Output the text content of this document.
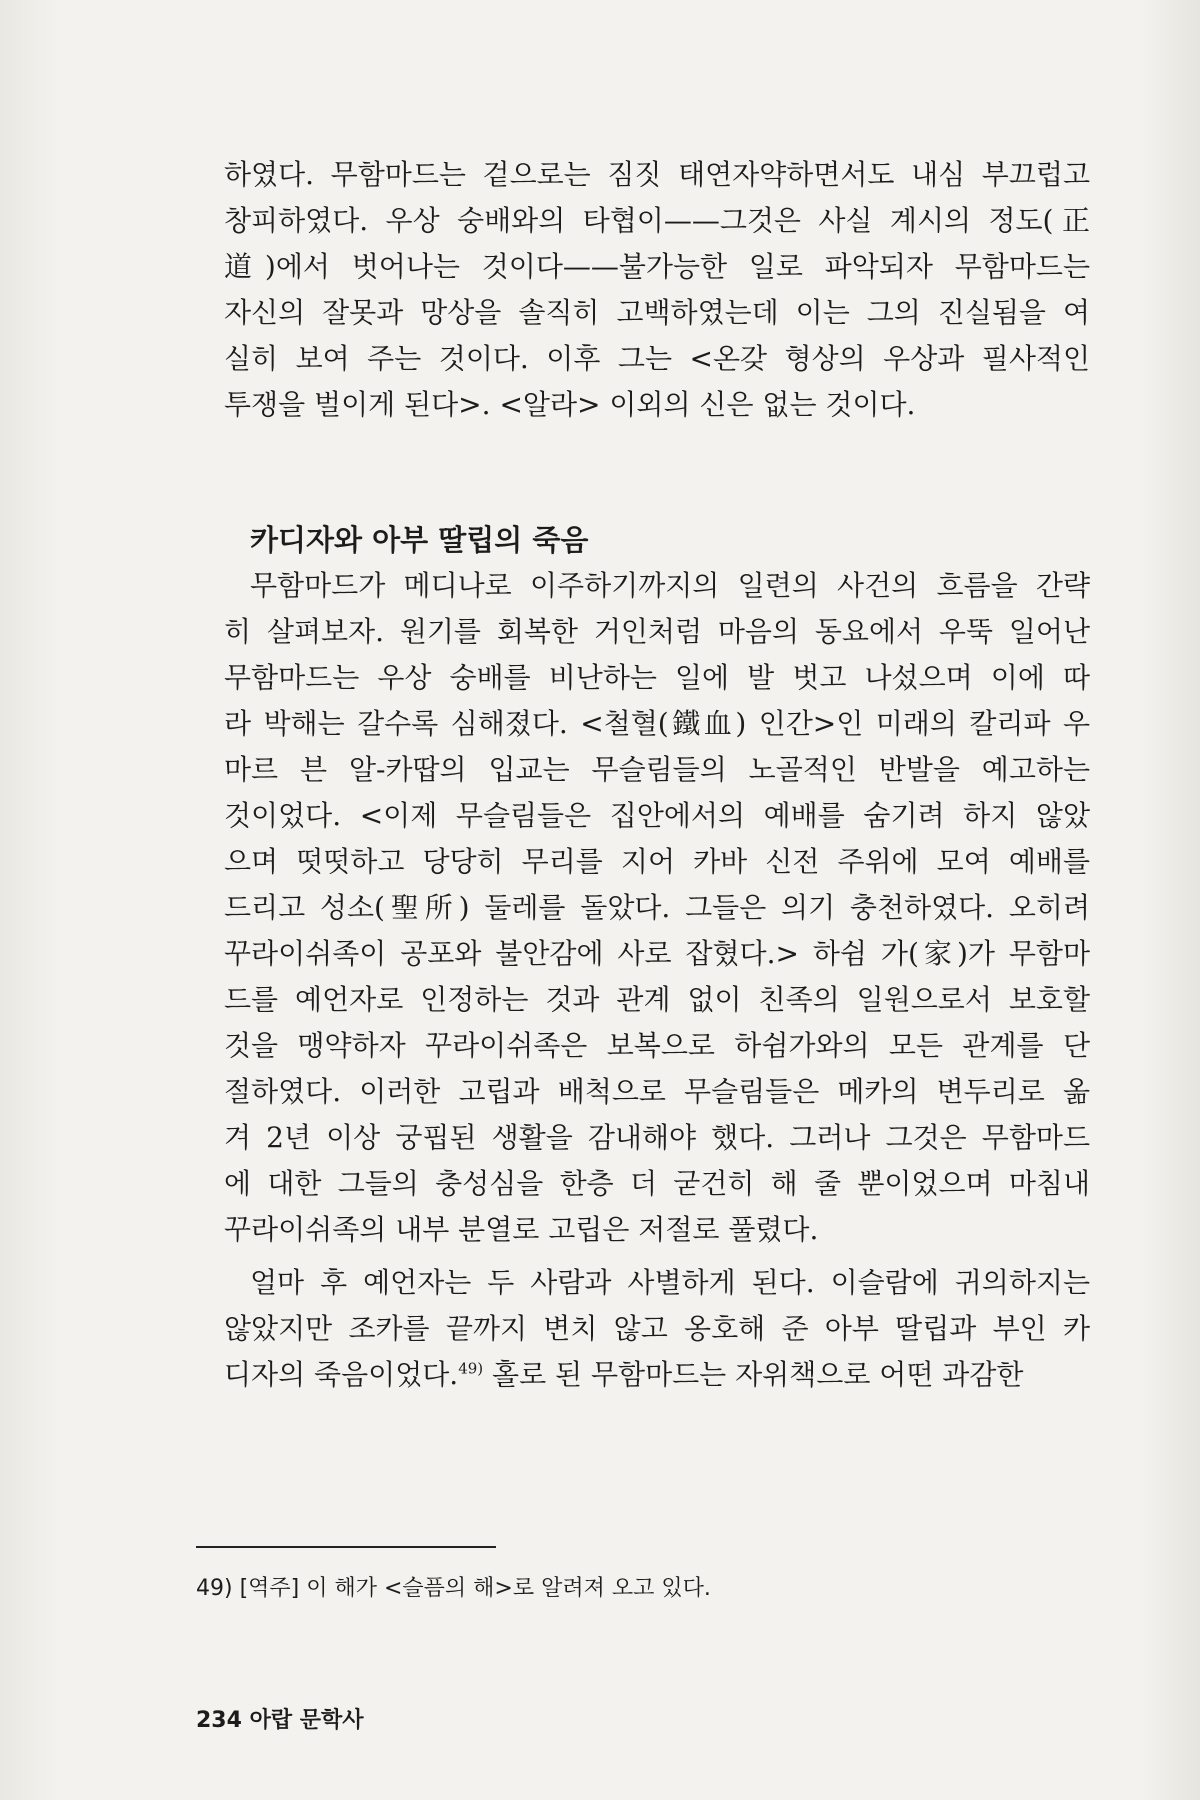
하였다. 무함마드는 겉으로는 짐짓 태연자약하면서도 내심 부끄럽고
창피하였다. 우상 숭배와의 타협이——그것은 사실 계시의 정도(正
道)에서 벗어나는 것이다——불가능한 일로 파악되자 무함마드는
자신의 잘못과 망상을 솔직히 고백하였는데 이는 그의 진실됨을 여
실히 보여 주는 것이다. 이후 그는 <온갖 형상의 우상과 필사적인
투쟁을 벌이게 된다>. <알라> 이외의 신은 없는 것이다.
카디자와 아부 딸립의 죽음
무함마드가 메디나로 이주하기까지의 일련의 사건의 흐름을 간략
히 살펴보자. 원기를 회복한 거인처럼 마음의 동요에서 우뚝 일어난
무함마드는 우상 숭배를 비난하는 일에 발 벗고 나섰으며 이에 따
라 박해는 갈수록 심해졌다. <철혈(鐵血) 인간>인 미래의 칼리파 우
마르 븐 알-카땁의 입교는 무슬림들의 노골적인 반발을 예고하는
것이었다. <이제 무슬림들은 집안에서의 예배를 숨기려 하지 않았
으며 떳떳하고 당당히 무리를 지어 카바 신전 주위에 모여 예배를
드리고 성소(聖所) 둘레를 돌았다. 그들은 의기 충천하였다. 오히려
꾸라이쉬족이 공포와 불안감에 사로 잡혔다.> 하쉼 가(家)가 무함마
드를 예언자로 인정하는 것과 관계 없이 친족의 일원으로서 보호할
것을 맹약하자 꾸라이쉬족은 보복으로 하쉼가와의 모든 관계를 단
절하였다. 이러한 고립과 배척으로 무슬림들은 메카의 변두리로 옮
겨 2년 이상 궁핍된 생활을 감내해야 했다. 그러나 그것은 무함마드
에 대한 그들의 충성심을 한층 더 굳건히 해 줄 뿐이었으며 마침내
꾸라이쉬족의 내부 분열로 고립은 저절로 풀렸다.
얼마 후 예언자는 두 사람과 사별하게 된다. 이슬람에 귀의하지는
않았지만 조카를 끝까지 변치 않고 옹호해 준 아부 딸립과 부인 카
디자의 죽음이었다.$^{49)}$ 홀로 된 무함마드는 자위책으로 어떤 과감한
49) [역주] 이 해가 <슬픔의 해>로 알려져 오고 있다.
234 아랍 문학사
